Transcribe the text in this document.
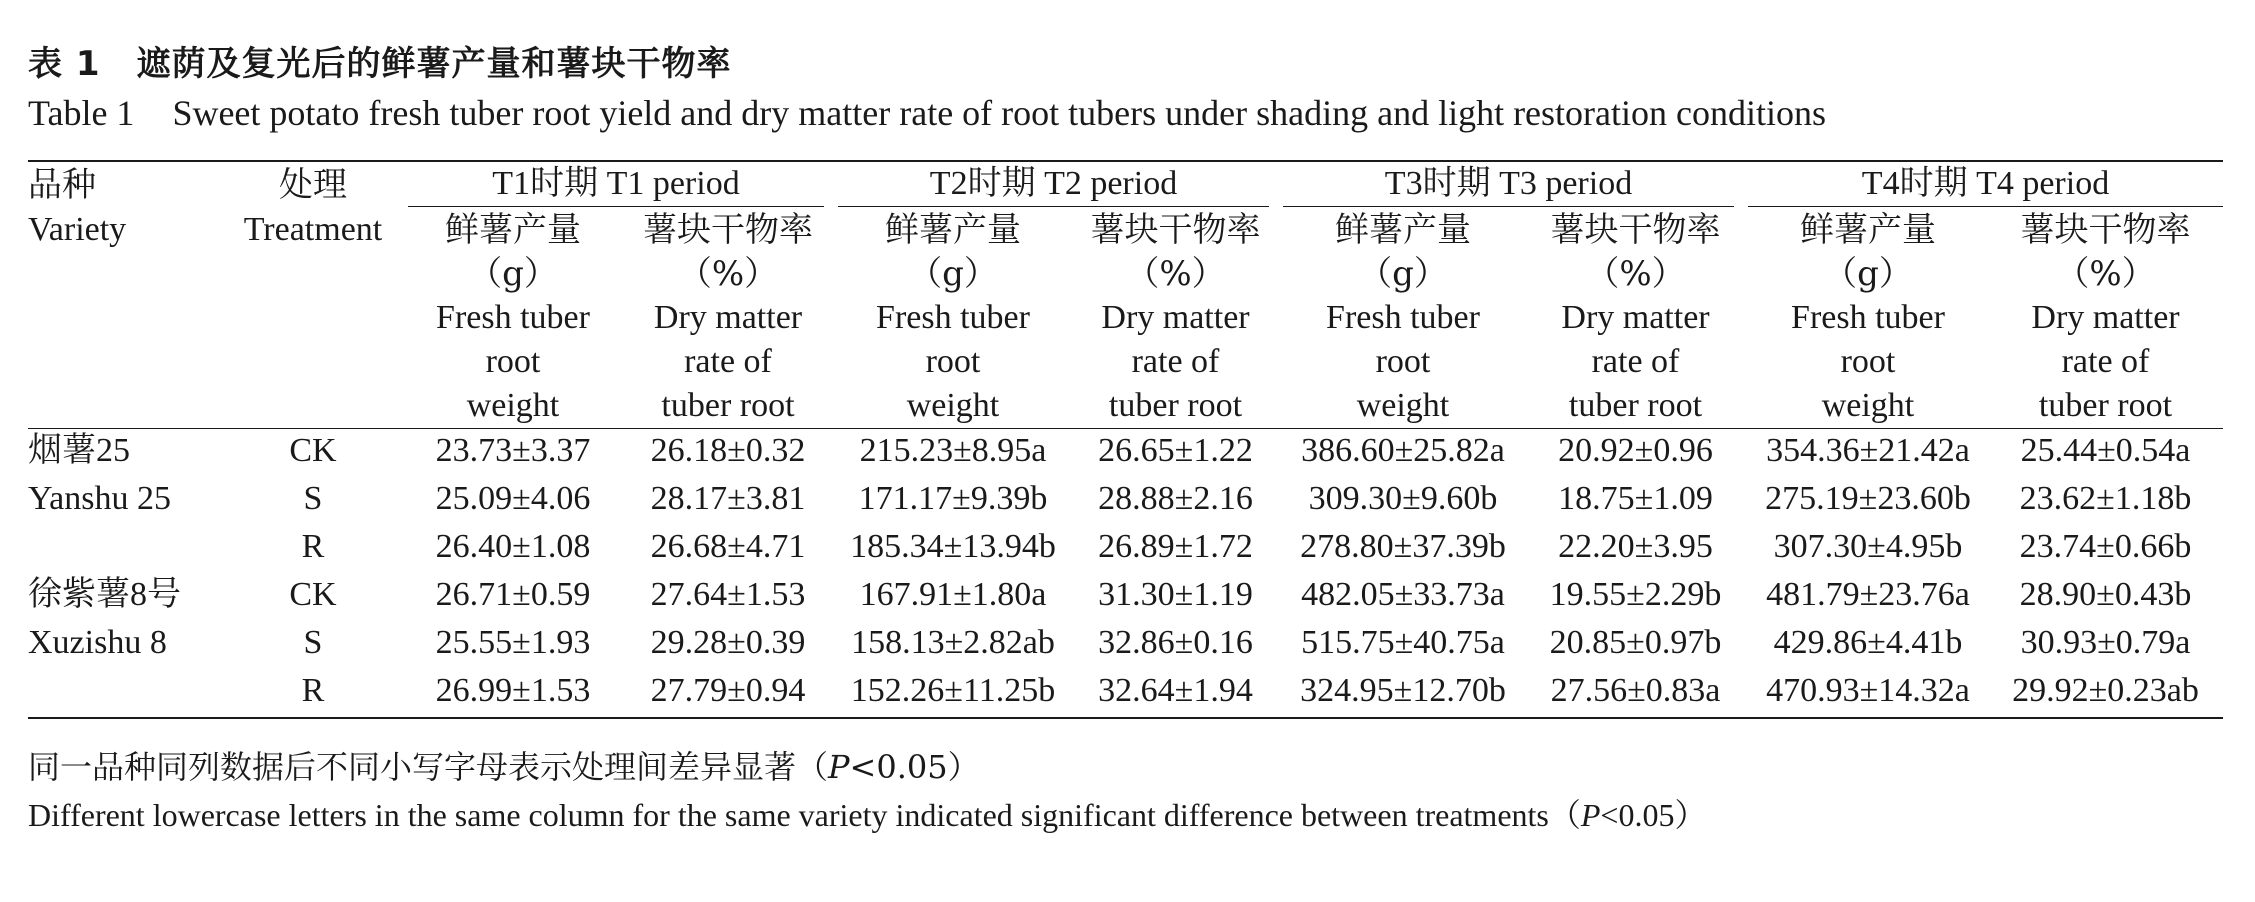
表 1 遮荫及复光后的鲜薯产量和薯块干物率
Table 1 Sweet potato fresh tuber root yield and dry matter rate of root tubers under shading and light restoration conditions
品种	处理	T1时期 T1 period		T2时期 T2 period		T3时期 T3 period		T4时期 T4 period	

Variety	Treatment	鲜薯产量	薯块干物率	鲜薯产量	薯块干物率	鲜薯产量	薯块干物率	鲜薯产量	薯块干物率
		（g）	（%）	（g）	（%）	（g）	（%）	（g）	（%）
		Fresh tuber	Dry matter	Fresh tuber	Dry matter	Fresh tuber	Dry matter	Fresh tuber	Dry matter
		root	rate of	root	rate of	root	rate of	root	rate of
		weight	tuber root	weight	tuber root	weight	tuber root	weight	tuber root
烟薯25	CK	23.73±3.37	26.18±0.32	215.23±8.95a	26.65±1.22	386.60±25.82a	20.92±0.96	354.36±21.42a	25.44±0.54a
Yanshu 25	S	25.09±4.06	28.17±3.81	171.17±9.39b	28.88±2.16	309.30±9.60b	18.75±1.09	275.19±23.60b	23.62±1.18b
	R	26.40±1.08	26.68±4.71	185.34±13.94b	26.89±1.72	278.80±37.39b	22.20±3.95	307.30±4.95b	23.74±0.66b
徐紫薯8号	CK	26.71±0.59	27.64±1.53	167.91±1.80a	31.30±1.19	482.05±33.73a	19.55±2.29b	481.79±23.76a	28.90±0.43b
Xuzishu 8	S	25.55±1.93	29.28±0.39	158.13±2.82ab	32.86±0.16	515.75±40.75a	20.85±0.97b	429.86±4.41b	30.93±0.79a
	R	26.99±1.53	27.79±0.94	152.26±11.25b	32.64±1.94	324.95±12.70b	27.56±0.83a	470.93±14.32a	29.92±0.23ab
同一品种同列数据后不同小写字母表示处理间差异显著（P<0.05）
Different lowercase letters in the same column for the same variety indicated significant difference between treatments（P<0.05）
